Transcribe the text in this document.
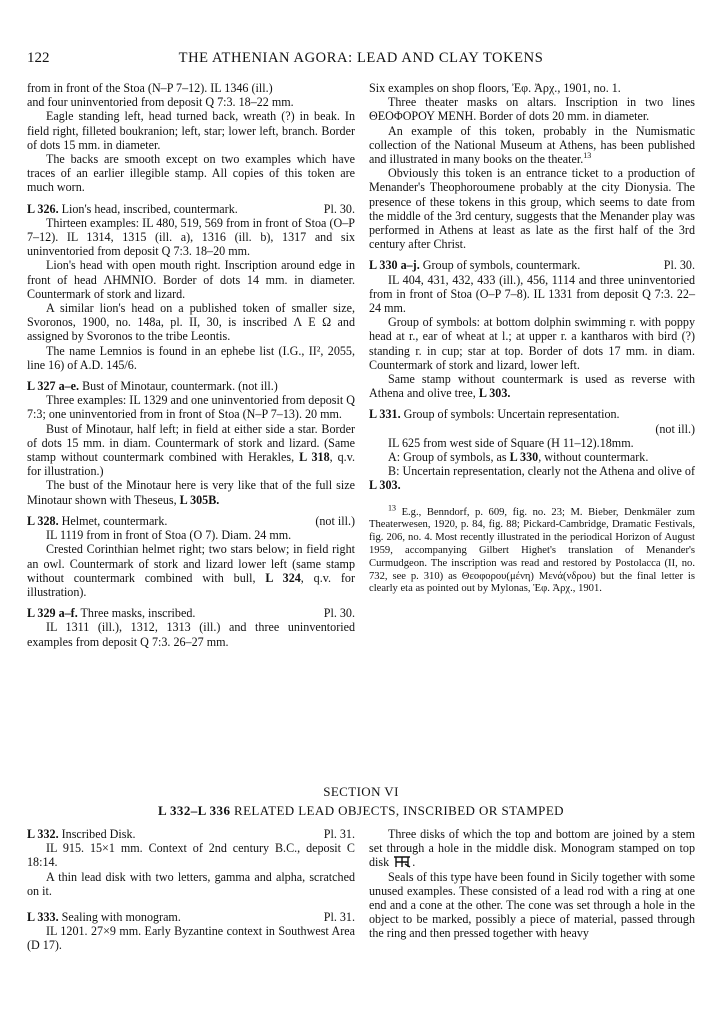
122	THE ATHENIAN AGORA: LEAD AND CLAY TOKENS

from in front of the Stoa (N–P 7–12). IL 1346 (ill.)

and four uninventoried from deposit Q 7:3. 18–22 mm.

Eagle standing left, head turned back, wreath (?) in beak. In field right, filleted boukranion; left, star; lower left, branch. Border of dots 15 mm. in diameter.

The backs are smooth except on two examples which have traces of an earlier illegible stamp. All copies of this token are much worn.

L 326. Lion's head, inscribed, countermark.	Pl. 30.

Thirteen examples: IL 480, 519, 569 from in front of Stoa (O–P 7–12). IL 1314, 1315 (ill. a), 1316 (ill. b), 1317 and six uninventoried from deposit Q 7:3. 18–20 mm.

Lion's head with open mouth right. Inscription around edge in front of head ΛΗΜΝΙΟ. Border of dots 14 mm. in diameter. Countermark of stork and lizard.

A similar lion's head on a published token of smaller size, Svoronos, 1900, no. 148a, pl. II, 30, is inscribed Λ Ε Ω and assigned by Svoronos to the tribe Leontis.

The name Lemnios is found in an ephebe list (I.G., II², 2055, line 16) of A.D. 145/6.

L 327 a–e. Bust of Minotaur, countermark. (not ill.)

Three examples: IL 1329 and one uninventoried from deposit Q 7:3; one uninventoried from in front of Stoa (N–P 7–13). 20 mm.

Bust of Minotaur, half left; in field at either side a star. Border of dots 15 mm. in diam. Countermark of stork and lizard. (Same stamp without countermark combined with Herakles, L 318, q.v. for illustration.)

The bust of the Minotaur here is very like that of the full size Minotaur shown with Theseus, L 305B.

L 328. Helmet, countermark.	(not ill.)

IL 1119 from in front of Stoa (O 7). Diam. 24 mm.

Crested Corinthian helmet right; two stars below; in field right an owl. Countermark of stork and lizard lower left (same stamp without countermark combined with bull, L 324, q.v. for illustration).

L 329 a–f. Three masks, inscribed.	Pl. 30.

IL 1311 (ill.), 1312, 1313 (ill.) and three uninventoried examples from deposit Q 7:3. 26–27 mm.

Six examples on shop floors, Ἐφ. Ἀρχ., 1901, no. 1.

Three theater masks on altars. Inscription in two lines ΘΕΟΦΟΡΟΥ ΜΕΝΗ. Border of dots 20 mm. in diameter.

An example of this token, probably in the Numismatic collection of the National Museum at Athens, has been published and illustrated in many books on the theater.$^{13}$

Obviously this token is an entrance ticket to a production of Menander's Theophoroumene probably at the city Dionysia. The presence of these tokens in this group, which seems to date from the middle of the 3rd century, suggests that the Menander play was performed in Athens at least as late as the first half of the 3rd century after Christ.

L 330 a–j. Group of symbols, countermark.	Pl. 30.

IL 404, 431, 432, 433 (ill.), 456, 1114 and three uninventoried from in front of Stoa (O–P 7–8). IL 1331 from deposit Q 7:3. 22–24 mm.

Group of symbols: at bottom dolphin swimming r. with poppy head at r., ear of wheat at l.; at upper r. a kantharos with bird (?) standing r. in cup; star at top. Border of dots 17 mm. in diam. Countermark of stork and lizard, lower left.

Same stamp without countermark is used as reverse with Athena and olive tree, L 303.

L 331. Group of symbols: Uncertain representation.

(not ill.)

IL 625 from west side of Square (H 11–12).18mm.

A: Group of symbols, as L 330, without countermark.

B: Uncertain representation, clearly not the Athena and olive of L 303.

$^{13}$ E.g., Benndorf, p. 609, fig. no. 23; M. Bieber, Denkmäler zum Theaterwesen, 1920, p. 84, fig. 88; Pickard-Cambridge, Dramatic Festivals, fig. 206, no. 4. Most recently illustrated in the periodical Horizon of August 1959, accompanying Gilbert Highet's translation of Menander's Curmudgeon. The inscription was read and restored by Postolacca (II, no. 732, see p. 310) as Θεοφορου(μένη) Μενά(νδρου) but the final letter is clearly eta as pointed out by Mylonas, Ἐφ. Ἀρχ., 1901.

SECTION VI
L 332–L 336 RELATED LEAD OBJECTS, INSCRIBED OR STAMPED

L 332. Inscribed Disk.	Pl. 31.

IL 915. 15×1 mm. Context of 2nd century B.C., deposit C 18:14.

A thin lead disk with two letters, gamma and alpha, scratched on it.

L 333. Sealing with monogram.	Pl. 31.

IL 1201. 27×9 mm. Early Byzantine context in Southwest Area (D 17).

Three disks of which the top and bottom are joined by a stem set through a hole in the middle disk. Monogram stamped on top disk .

Seals of this type have been found in Sicily together with some unused examples. These consisted of a lead rod with a ring at one end and a cone at the other. The cone was set through a hole in the object to be marked, possibly a piece of material, passed through the ring and then pressed together with heavy
